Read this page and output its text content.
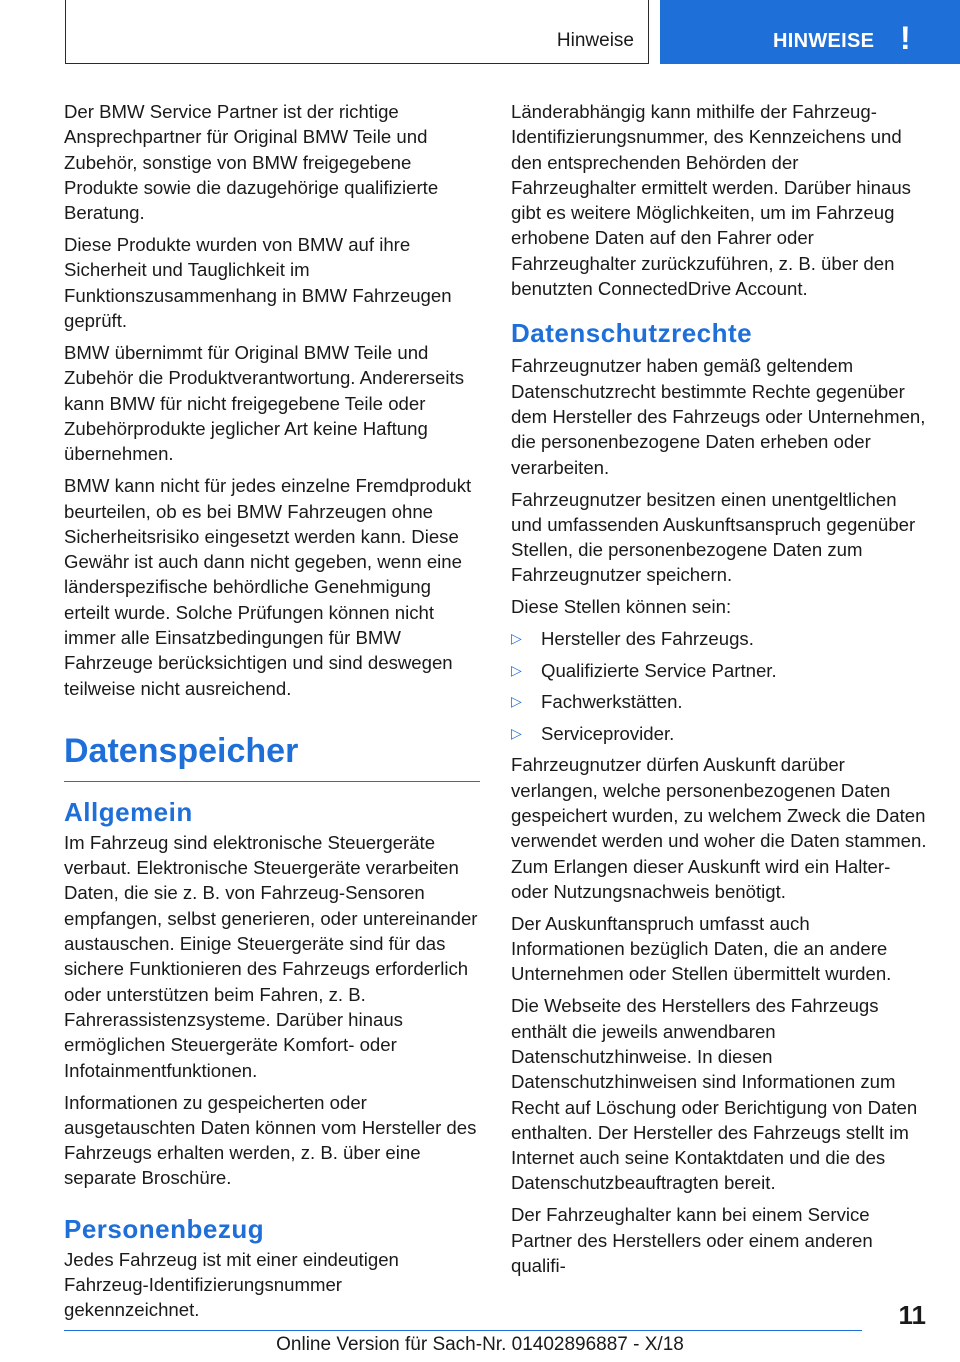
Hinweise	HINWEISE !

Der BMW Service Partner ist der richtige Ansprechpartner für Original BMW Teile und Zubehör, sonstige von BMW freigegebene Produkte sowie die dazugehörige qualifizierte Beratung.

Diese Produkte wurden von BMW auf ihre Sicherheit und Tauglichkeit im Funktionszusammenhang in BMW Fahrzeugen geprüft.

BMW übernimmt für Original BMW Teile und Zubehör die Produktverantwortung. Andererseits kann BMW für nicht freigegebene Teile oder Zubehörprodukte jeglicher Art keine Haftung übernehmen.

BMW kann nicht für jedes einzelne Fremdprodukt beurteilen, ob es bei BMW Fahrzeugen ohne Sicherheitsrisiko eingesetzt werden kann. Diese Gewähr ist auch dann nicht gegeben, wenn eine länderspezifische behördliche Genehmigung erteilt wurde. Solche Prüfungen können nicht immer alle Einsatzbedingungen für BMW Fahrzeuge berücksichtigen und sind deswegen teilweise nicht ausreichend.

Datenspeicher
Allgemein

Im Fahrzeug sind elektronische Steuergeräte verbaut. Elektronische Steuergeräte verarbeiten Daten, die sie z. B. von Fahrzeug-Sensoren empfangen, selbst generieren, oder untereinander austauschen. Einige Steuergeräte sind für das sichere Funktionieren des Fahrzeugs erforderlich oder unterstützen beim Fahren, z. B. Fahrerassistenzsysteme. Darüber hinaus ermöglichen Steuergeräte Komfort- oder Infotainmentfunktionen.

Informationen zu gespeicherten oder ausgetauschten Daten können vom Hersteller des Fahrzeugs erhalten werden, z. B. über eine separate Broschüre.

Personenbezug

Jedes Fahrzeug ist mit einer eindeutigen Fahrzeug-Identifizierungsnummer gekennzeichnet.

Länderabhängig kann mithilfe der Fahrzeug-Identifizierungsnummer, des Kennzeichens und den entsprechenden Behörden der Fahrzeughalter ermittelt werden. Darüber hinaus gibt es weitere Möglichkeiten, um im Fahrzeug erhobene Daten auf den Fahrer oder Fahrzeughalter zurückzuführen, z. B. über den benutzten ConnectedDrive Account.

Datenschutzrechte

Fahrzeugnutzer haben gemäß geltendem Datenschutzrecht bestimmte Rechte gegenüber dem Hersteller des Fahrzeugs oder Unternehmen, die personenbezogene Daten erheben oder verarbeiten.

Fahrzeugnutzer besitzen einen unentgeltlichen und umfassenden Auskunftsanspruch gegenüber Stellen, die personenbezogene Daten zum Fahrzeugnutzer speichern.

Diese Stellen können sein:

▷ Hersteller des Fahrzeugs.
▷ Qualifizierte Service Partner.
▷ Fachwerkstätten.
▷ Serviceprovider.

Fahrzeugnutzer dürfen Auskunft darüber verlangen, welche personenbezogenen Daten gespeichert wurden, zu welchem Zweck die Daten verwendet werden und woher die Daten stammen. Zum Erlangen dieser Auskunft wird ein Halter- oder Nutzungsnachweis benötigt.

Der Auskunftanspruch umfasst auch Informationen bezüglich Daten, die an andere Unternehmen oder Stellen übermittelt wurden.

Die Webseite des Herstellers des Fahrzeugs enthält die jeweils anwendbaren Datenschutzhinweise. In diesen Datenschutzhinweisen sind Informationen zum Recht auf Löschung oder Berichtigung von Daten enthalten. Der Hersteller des Fahrzeugs stellt im Internet auch seine Kontaktdaten und die des Datenschutzbeauftragten bereit.

Der Fahrzeughalter kann bei einem Service Partner des Herstellers oder einem anderen qualifi-

11
Online Version für Sach-Nr. 01402896887 - X/18
